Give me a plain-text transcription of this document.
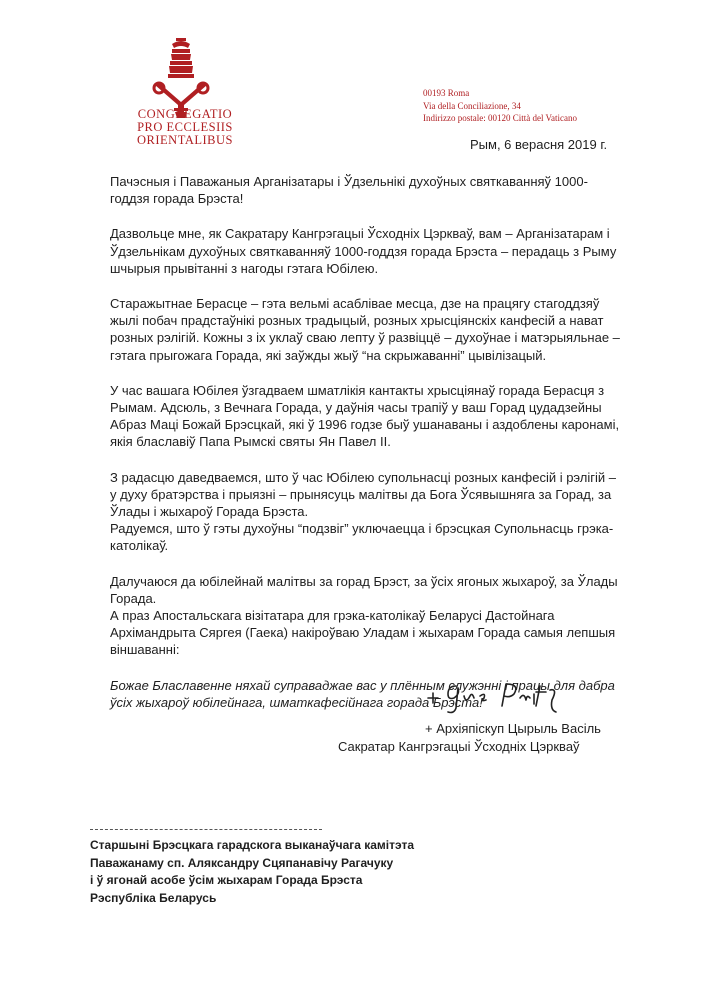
CONGREGATIO
PRO ECCLESIIS ORIENTALIBUS
00193 Roma
Via della Conciliazione, 34
Indirizzo postale: 00120 Città del Vaticano
Рым, 6 верасня 2019 г.

Пачэсныя і Паважаныя Арганізатары і Ўдзельнікі духоўных святкаванняў 1000-годдзя горада Брэста!

Дазвольце мне, як Сакратару Кангрэгацыі Ўсходніх Цэркваў, вам – Арганізатарам і Ўдзельнікам духоўных святкаванняў 1000-годдзя горада Брэста – перадаць з Рыму шчырыя прывітанні з нагоды гэтага Юбілею.

Старажытнае Берасце – гэта вельмі асаблівае месца, дзе на працягу стагоддзяў жылі побач прадстаўнікі розных традыцый, розных хрысціянскіх канфесій а нават розных рэлігій. Кожны з іх уклаў сваю лепту ў развіццё – духоўнае і матэрыяльнае – гэтага прыгожага Горада, які заўжды жыў “на скрыжаванні” цывілізацый.

У час вашага Юбілея ўзгадваем шматлікія кантакты хрысціянаў горада Берасця з Рымам. Адсюль, з Вечнага Горада, у даўнія часы трапіў у ваш Горад цудадзейны Абраз Маці Божай Брэсцкай, які ў 1996 годзе быў ушанаваны і аздоблены каронамі, якія блаславіў Папа Рымскі святы Ян Павел ІІ.

З радасцю даведваемся, што ў час Юбілею супольнасці розных канфесій і рэлігій – у духу братэрства і прыязні – прынясуць малітвы да Бога Ўсявышняга за Горад, за Ўлады і жыхароў Горада Брэста.

Радуемся, што ў гэты духоўны “подзвіг” уключаецца і брэсцкая Супольнасць грэка-католікаў.

Далучаюся да юбілейнай малітвы за горад Брэст, за ўсіх ягоных жыхароў, за Ўлады Горада.

А праз Апостальскага візітатара для грэка-католікаў Беларусі Дастойнага Архімандрыта Сяргея (Гаека) накіроўваю Уладам і жыхарам Горада самыя лепшыя віншаванні:

Божае Блаславенне няхай суправаджае вас у плённым служэнні і працы для дабра ўсіх жыхароў юбілейнага, шматкафесійнага горада Брэста!

+ Архіяпіскуп Цырыль Васіль
Сакратар Кангрэгацыі Ўсходніх Цэркваў
Старшыні Брэсцкага гарадскога выканаўчага камітэта
Паважанаму сп. Аляксандру Сцяпанавічу Рагачуку
і ў ягонай асобе ўсім жыхарам Горада Брэста
Рэспубліка Беларусь
